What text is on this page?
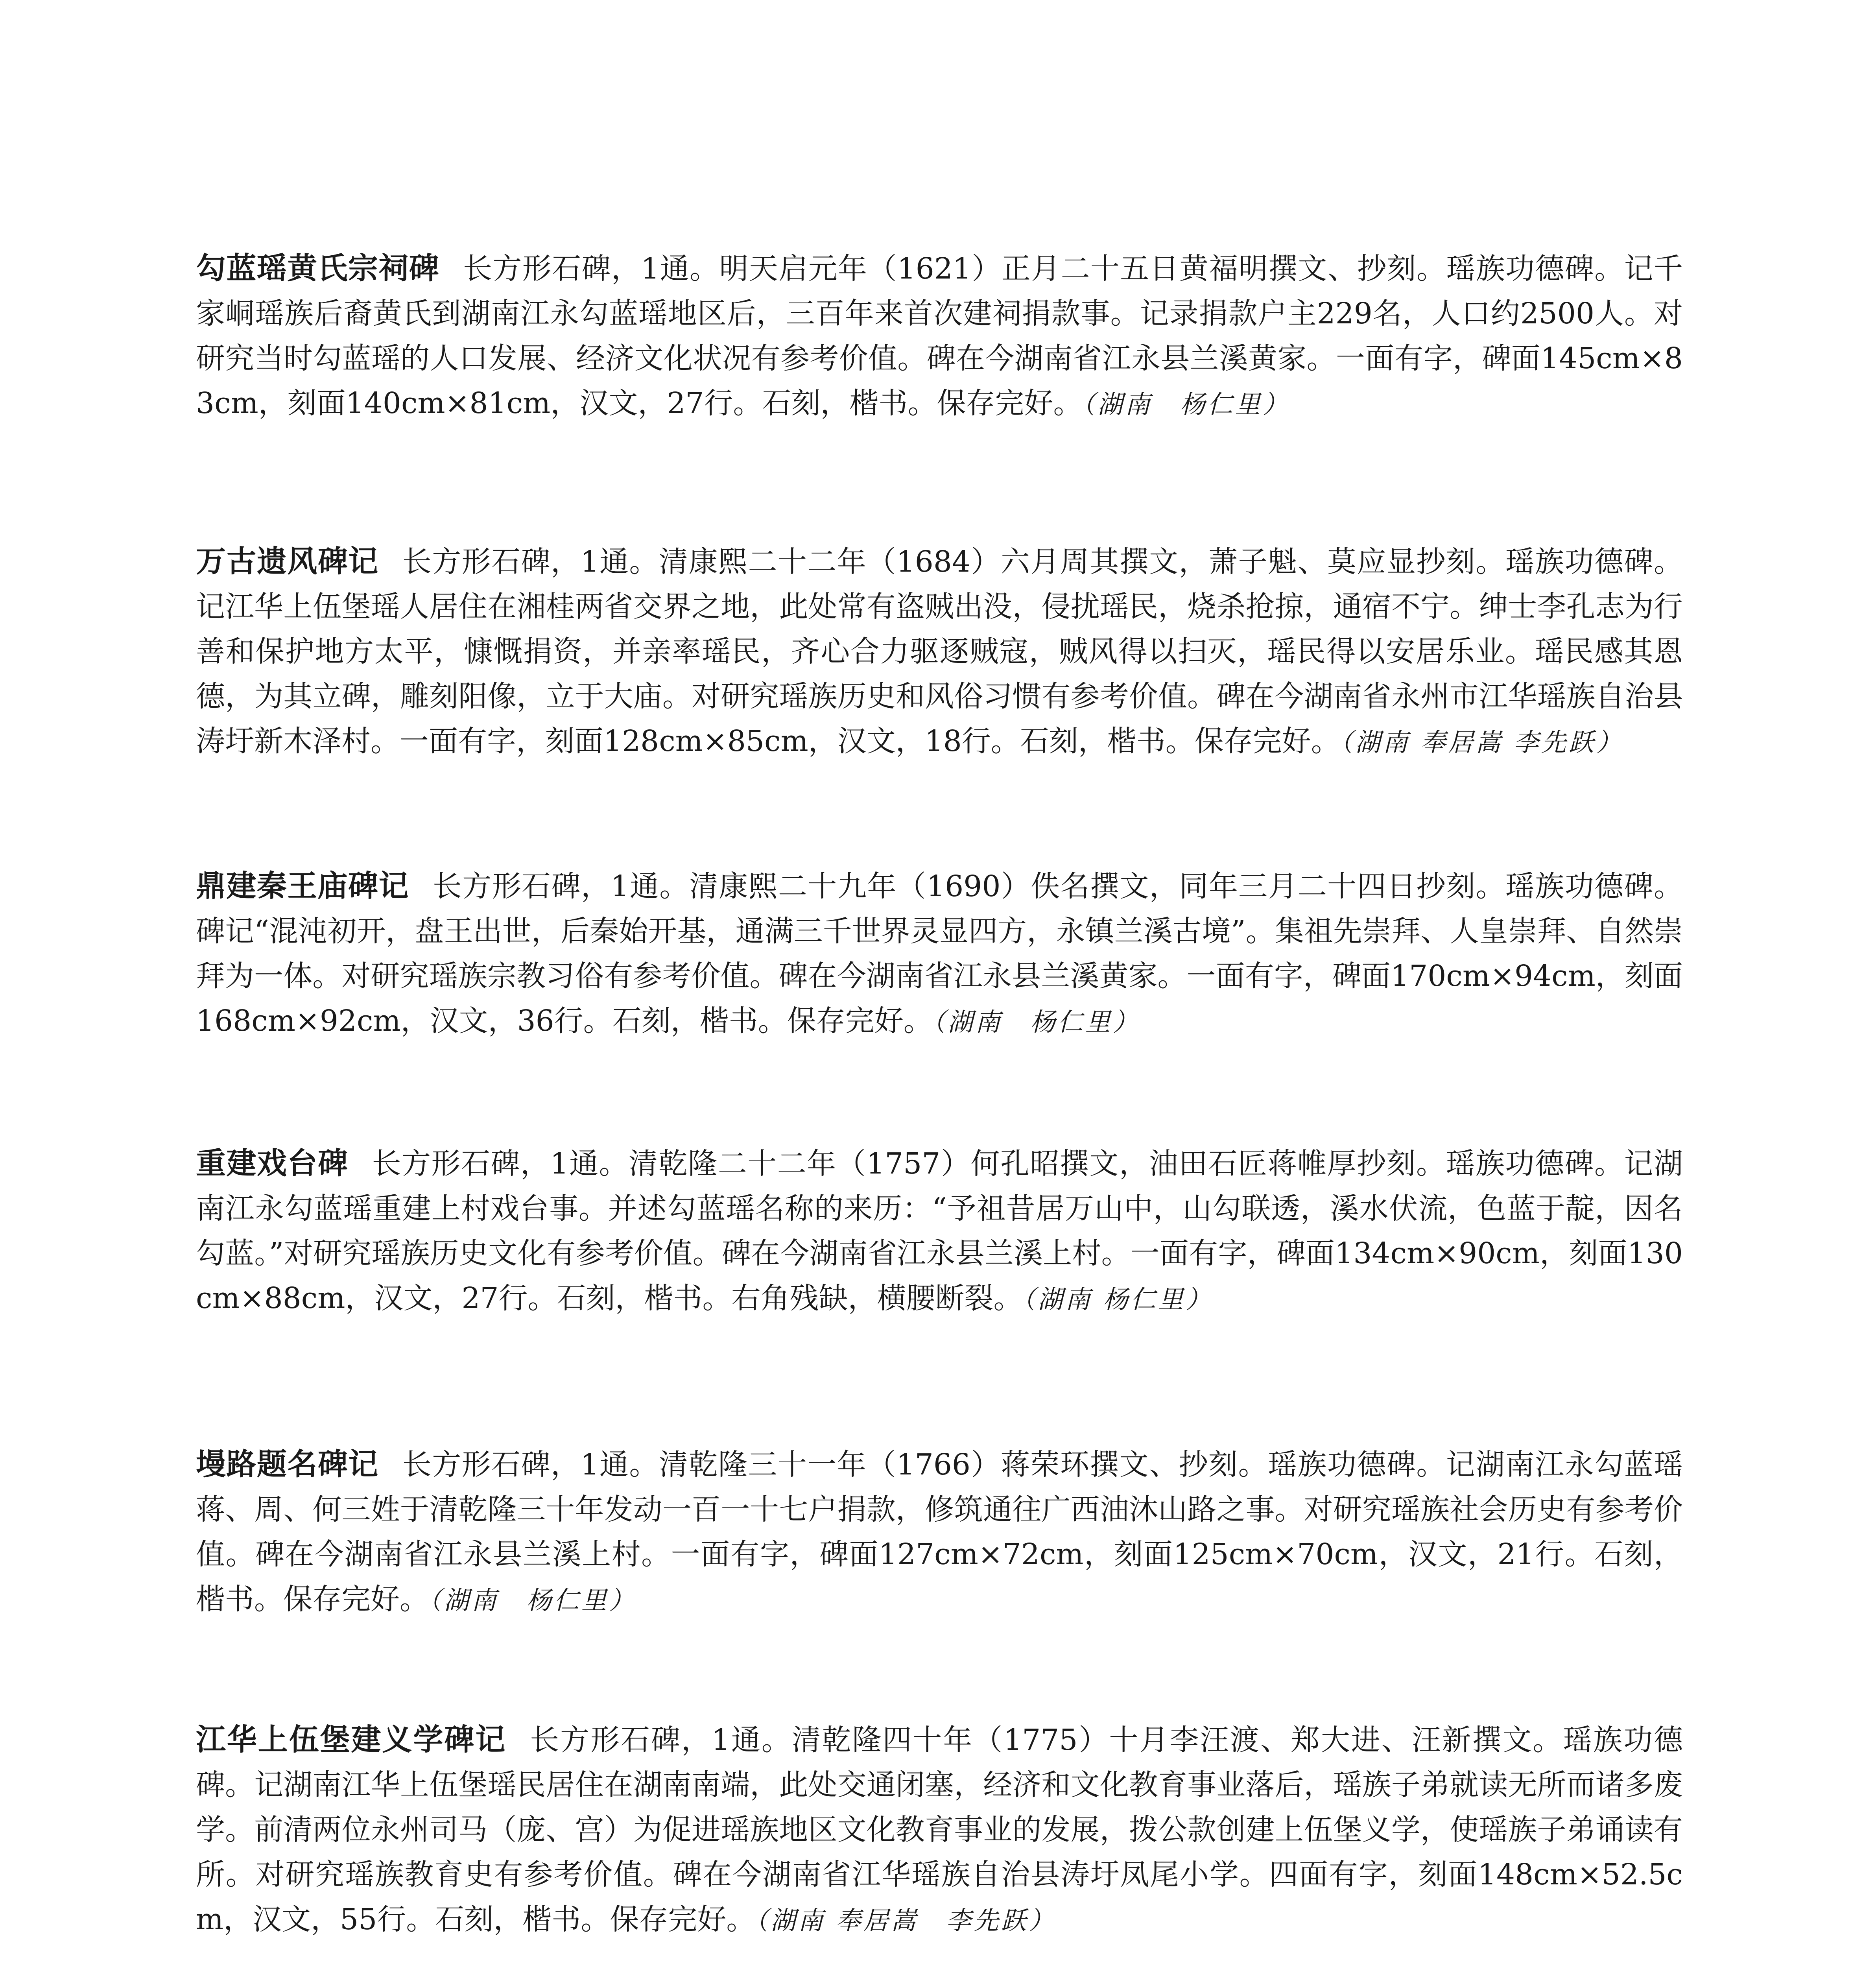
勾蓝瑶黄氏宗祠碑 长方形石碑，1通。明天启元年（1621）正月二十五日黄福明撰文、抄刻。瑶族功德碑。记千家峒瑶族后裔黄氏到湖南江永勾蓝瑶地区后，三百年来首次建祠捐款事。记录捐款户主229名，人口约2500人。对研究当时勾蓝瑶的人口发展、经济文化状况有参考价值。碑在今湖南省江永县兰溪黄家。一面有字，碑面145cm×83cm，刻面140cm×81cm，汉文，27行。石刻，楷书。保存完好。（湖南　杨仁里）

万古遗风碑记 长方形石碑，1通。清康熙二十二年（1684）六月周其撰文，萧子魁、莫应显抄刻。瑶族功德碑。记江华上伍堡瑶人居住在湘桂两省交界之地，此处常有盗贼出没，侵扰瑶民，烧杀抢掠，通宿不宁。绅士李孔志为行善和保护地方太平，慷慨捐资，并亲率瑶民，齐心合力驱逐贼寇，贼风得以扫灭，瑶民得以安居乐业。瑶民感其恩德，为其立碑，雕刻阳像，立于大庙。对研究瑶族历史和风俗习惯有参考价值。碑在今湖南省永州市江华瑶族自治县涛圩新木泽村。一面有字，刻面128cm×85cm，汉文，18行。石刻，楷书。保存完好。（湖南 奉居嵩 李先跃）

鼎建秦王庙碑记 长方形石碑，1通。清康熙二十九年（1690）佚名撰文，同年三月二十四日抄刻。瑶族功德碑。碑记“混沌初开，盘王出世，后秦始开基，通满三千世界灵显四方，永镇兰溪古境”。集祖先崇拜、人皇崇拜、自然崇拜为一体。对研究瑶族宗教习俗有参考价值。碑在今湖南省江永县兰溪黄家。一面有字，碑面170cm×94cm，刻面168cm×92cm，汉文，36行。石刻，楷书。保存完好。（湖南　杨仁里）

重建戏台碑 长方形石碑，1通。清乾隆二十二年（1757）何孔昭撰文，油田石匠蒋帷厚抄刻。瑶族功德碑。记湖南江永勾蓝瑶重建上村戏台事。并述勾蓝瑶名称的来历：“予祖昔居万山中，山勾联透，溪水伏流，色蓝于靛，因名勾蓝。”对研究瑶族历史文化有参考价值。碑在今湖南省江永县兰溪上村。一面有字，碑面134cm×90cm，刻面130cm×88cm，汉文，27行。石刻，楷书。右角残缺，横腰断裂。（湖南 杨仁里）

墁路题名碑记 长方形石碑，1通。清乾隆三十一年（1766）蒋荣环撰文、抄刻。瑶族功德碑。记湖南江永勾蓝瑶蒋、周、何三姓于清乾隆三十年发动一百一十七户捐款，修筑通往广西油沐山路之事。对研究瑶族社会历史有参考价值。碑在今湖南省江永县兰溪上村。一面有字，碑面127cm×72cm，刻面125cm×70cm，汉文，21行。石刻，楷书。保存完好。（湖南　杨仁里）

江华上伍堡建义学碑记 长方形石碑，1通。清乾隆四十年（1775）十月李汪渡、郑大进、汪新撰文。瑶族功德碑。记湖南江华上伍堡瑶民居住在湖南南端，此处交通闭塞，经济和文化教育事业落后，瑶族子弟就读无所而诸多废学。前清两位永州司马（庞、宫）为促进瑶族地区文化教育事业的发展，拨公款创建上伍堡义学，使瑶族子弟诵读有所。对研究瑶族教育史有参考价值。碑在今湖南省江华瑶族自治县涛圩凤尾小学。四面有字，刻面148cm×52.5cm，汉文，55行。石刻，楷书。保存完好。（湖南 奉居嵩　李先跃）
